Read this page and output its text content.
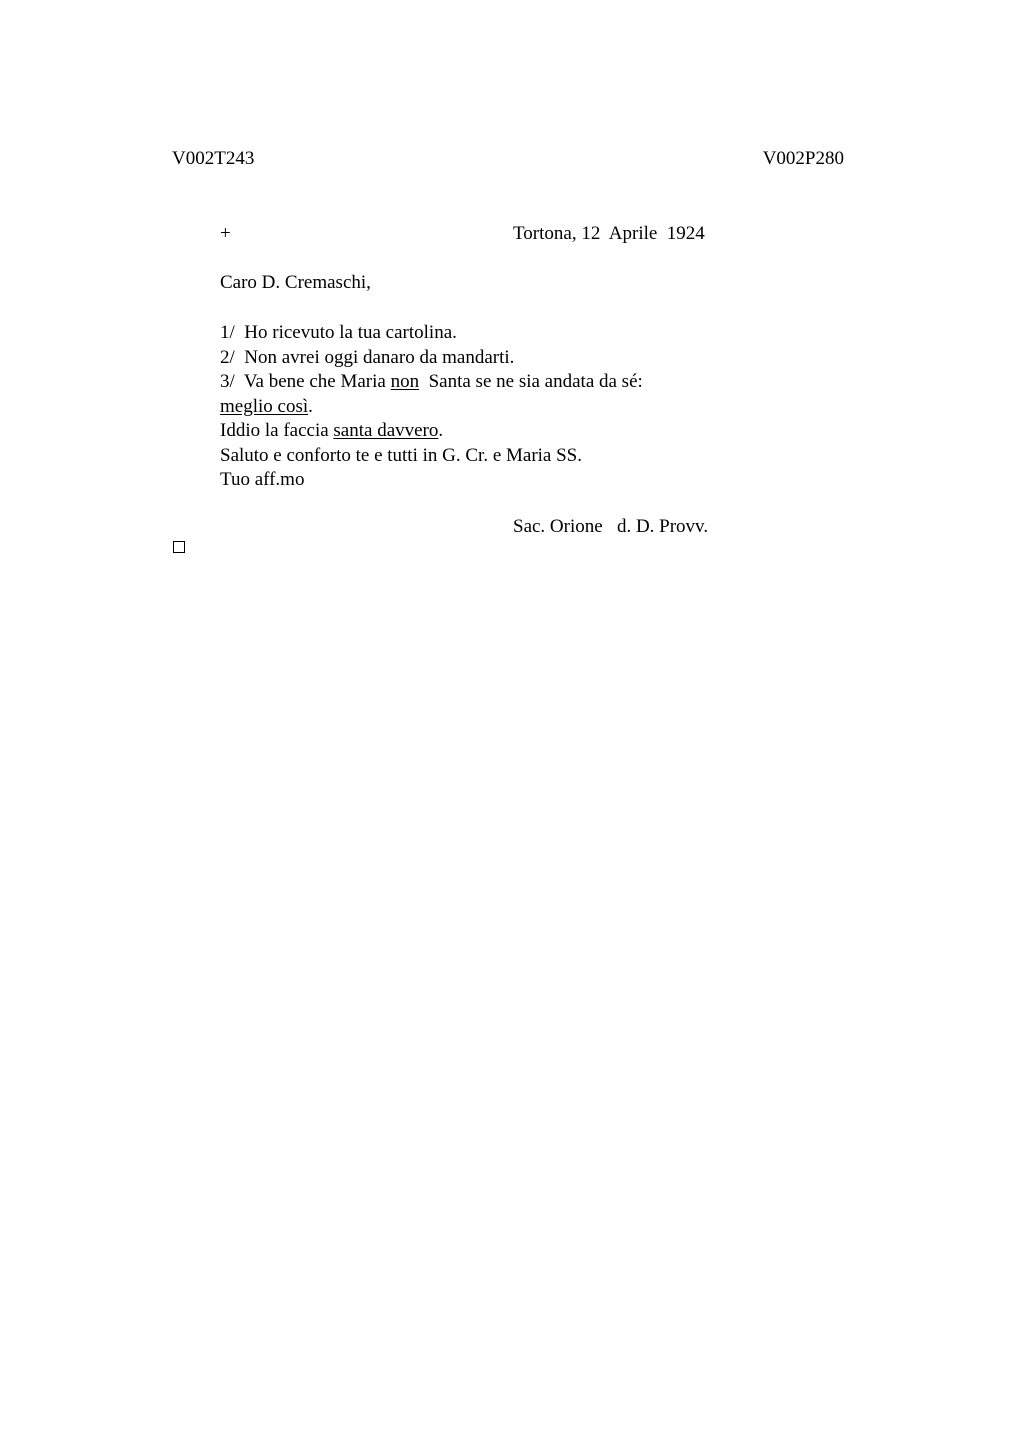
V002T243	V002P280
+	Tortona, 12  Aprile  1924
Caro D. Cremaschi,
1/  Ho ricevuto la tua cartolina.
2/  Non avrei oggi danaro da mandarti.
3/  Va bene che Maria non  Santa se ne sia andata da sé:
meglio così.
Iddio la faccia santa davvero.
Saluto e conforto te e tutti in G. Cr. e Maria SS.
Tuo aff.mo
Sac. Orione   d. D. Provv.
